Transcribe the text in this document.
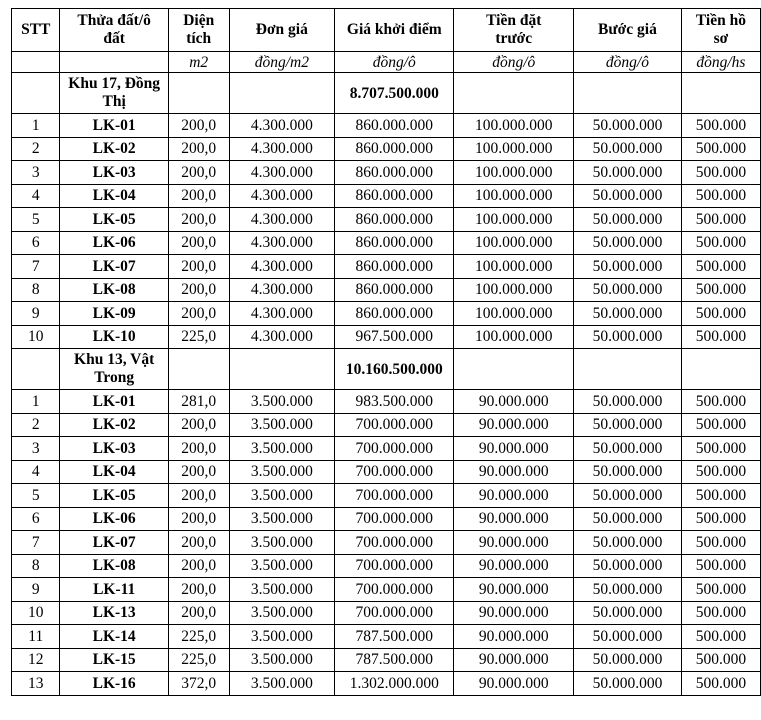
STT	Thửa đất/ô đất	Diện tích	Đơn giá	Giá khởi điểm	Tiền đặt trước	Bước giá	Tiền hồ sơ
		m2	đồng/m2	đồng/ô	đồng/ô	đồng/ô	đồng/hs
	Khu 17, Đồng Thị			8.707.500.000			
1	LK-01	200,0	4.300.000	860.000.000	100.000.000	50.000.000	500.000
2	LK-02	200,0	4.300.000	860.000.000	100.000.000	50.000.000	500.000
3	LK-03	200,0	4.300.000	860.000.000	100.000.000	50.000.000	500.000
4	LK-04	200,0	4.300.000	860.000.000	100.000.000	50.000.000	500.000
5	LK-05	200,0	4.300.000	860.000.000	100.000.000	50.000.000	500.000
6	LK-06	200,0	4.300.000	860.000.000	100.000.000	50.000.000	500.000
7	LK-07	200,0	4.300.000	860.000.000	100.000.000	50.000.000	500.000
8	LK-08	200,0	4.300.000	860.000.000	100.000.000	50.000.000	500.000
9	LK-09	200,0	4.300.000	860.000.000	100.000.000	50.000.000	500.000
10	LK-10	225,0	4.300.000	967.500.000	100.000.000	50.000.000	500.000
	Khu 13, Vật Trong			10.160.500.000			
1	LK-01	281,0	3.500.000	983.500.000	90.000.000	50.000.000	500.000
2	LK-02	200,0	3.500.000	700.000.000	90.000.000	50.000.000	500.000
3	LK-03	200,0	3.500.000	700.000.000	90.000.000	50.000.000	500.000
4	LK-04	200,0	3.500.000	700.000.000	90.000.000	50.000.000	500.000
5	LK-05	200,0	3.500.000	700.000.000	90.000.000	50.000.000	500.000
6	LK-06	200,0	3.500.000	700.000.000	90.000.000	50.000.000	500.000
7	LK-07	200,0	3.500.000	700.000.000	90.000.000	50.000.000	500.000
8	LK-08	200,0	3.500.000	700.000.000	90.000.000	50.000.000	500.000
9	LK-11	200,0	3.500.000	700.000.000	90.000.000	50.000.000	500.000
10	LK-13	200,0	3.500.000	700.000.000	90.000.000	50.000.000	500.000
11	LK-14	225,0	3.500.000	787.500.000	90.000.000	50.000.000	500.000
12	LK-15	225,0	3.500.000	787.500.000	90.000.000	50.000.000	500.000
13	LK-16	372,0	3.500.000	1.302.000.000	90.000.000	50.000.000	500.000
